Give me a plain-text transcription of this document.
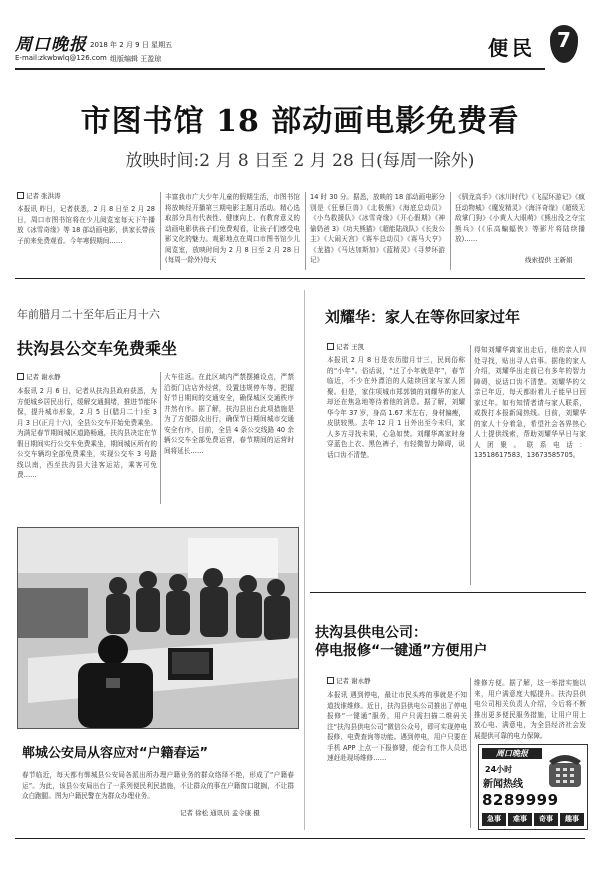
周口晚报 2018 年 2 月 9 日 星期五
E-mail:zkwbwlq@126.com 组版编辑 王盈琼	便民 7
市图书馆 18 部动画电影免费看
放映时间:2 月 8 日至 2 月 28 日(每周一除外)
记者 张洪涛
本报讯 昨日，记者获悉，2 月 8 日至 2 月 28 日，周口市图书馆将在少儿阅览室每天下午播放《冰雪奇缘》等 18 部动画电影，供家长带孩子前来免费观看。今年寒假期间……
丰富我市广大少年儿童的假期生活，市图书馆将放映经开播第三期电影主题月活动。精心选取部分具有代表性、健康向上、有教育意义的动画电影供孩子们免费观看，让孩子们感受电影文化的魅力。观影地点在周口市图书馆少儿阅览室，放映时间为 2 月 8 日至 2 月 28 日(每周一除外)每天
14 时 30 分。据悉，放映的 18 部动画电影分别是《狂暴巨兽》《北极熊》《海底总动员》《小鸟救援队》《冰雪奇缘》《开心假期》《神偷奶爸 3》《功夫熊猫》《超能陆战队》《长发公主》《大闹天宫》《赛车总动员》《赛马大亨》《龙猫》《马达加斯加》《蓝精灵》《寻梦环游记》
《驯龙高手》《冰川时代》《飞屋环游记》《疯狂动物城》《魔发精灵》《海洋奇缘》《超级无敌掌门狗》《小黄人大眼萌》《熊出没之夺宝熊兵》(《乐高蝙蝠侠》等影片将陆续播放)……
线索提供 王新娟
年前腊月二十至年后正月十六
扶沟县公交车免费乘坐
记者 谢永静
本报讯 2 月 6 日，记者从扶沟县政府获悉，为方便城乡居民出行，缓解交通拥堵，推进节能环保，提升城市形象，2 月 5 日(腊月二十)至 3 月 3 日(正月十六)，全县公交车开始免费乘坐。为满足春节期间城区道路畅通，扶沟县决定在节假日期间实行公交车免费乘坐，期间城区所有的公交车辆均全部免费乘坐，实现公交车 3 号路线以南，西至扶沟县大洼客运站，乘客可免费……
大车往返。在此区域内严禁摆摊设点，严禁沿街门店店外经营，设置违规停车等。把握好节日期间的交通安全，确保城区交通秩序井然有序。据了解，扶沟县出台此项措施是为了方便群众出行，确保节日期间城市交通安全有序，目前，全县 4 条公交线路 40 余辆公交车全部免费运营，春节期间的运营时间将延长……
郸城公安局从容应对“户籍春运”
春节临近，每天都有郸城县公安局各派出所办理户籍业务的群众络绎不绝，形成了“户籍春运”。为此，该县公安局出台了一系列便民利民措施，不让群众的事在户籍窗口耽搁，不让群众白跑腿。图为户籍民警在为群众办理业务。
记者 徐松 通讯员 孟令康 摄
刘耀华：家人在等你回家过年
记者 王凯
本报讯 2 月 8 日是农历腊月廿三，民间俗称的“小年”。俗话说，“过了小年就是年”，春节临近，不少在外漂泊的人陆续回家与家人团聚。但是，家住项城市郑郭镇的刘耀华的家人却还在焦急地等待着他的消息。据了解，刘耀华今年 37 岁，身高 1.67 米左右，身材偏瘦，皮肤较黑。去年 12 月 1 日外出至今未归，家人多方寻找未果，心急如焚。刘耀华离家时身穿蓝色上衣、黑色裤子，有轻微智力障碍，说话口齿不清楚。
得知刘耀华离家出走后，他的亲人四处寻找，贴出寻人启事。据他的家人介绍，刘耀华出走前已有多年的智力障碍，说话口齿不清楚。刘耀华的父亲已年迈，每天都盼着儿子能早日回家过年。如有知情者请与家人联系，或拨打本报新闻热线。目前，刘耀华的家人十分着急，希望社会各界热心人士提供线索，帮助刘耀华早日与家人团聚。联系电话：13518617583、13673585705。
扶沟县供电公司：
停电报修“一键通”方便用户
记者 谢永静
本报讯 遇到停电，最让市民头疼的事就是不知道找谁维修。近日，扶沟县供电公司推出了停电报修“一键通”服务，用户只需扫描二维码关注“扶沟县供电公司”微信公众号，即可实现停电报修、电费查询等功能。遇到停电，用户只要在手机 APP 上点一下报修键，便会有工作人员迅速赶赴现场维修……
维修方便。据了解，这一举措实施以来，用户满意度大幅提升。扶沟县供电公司相关负责人介绍，今后将不断推出更多便民服务措施，让用户用上放心电、满意电，为全县经济社会发展提供可靠的电力保障。
周口晚报
24小时
新闻热线
8289999
急事	难事	奇事	趣事
